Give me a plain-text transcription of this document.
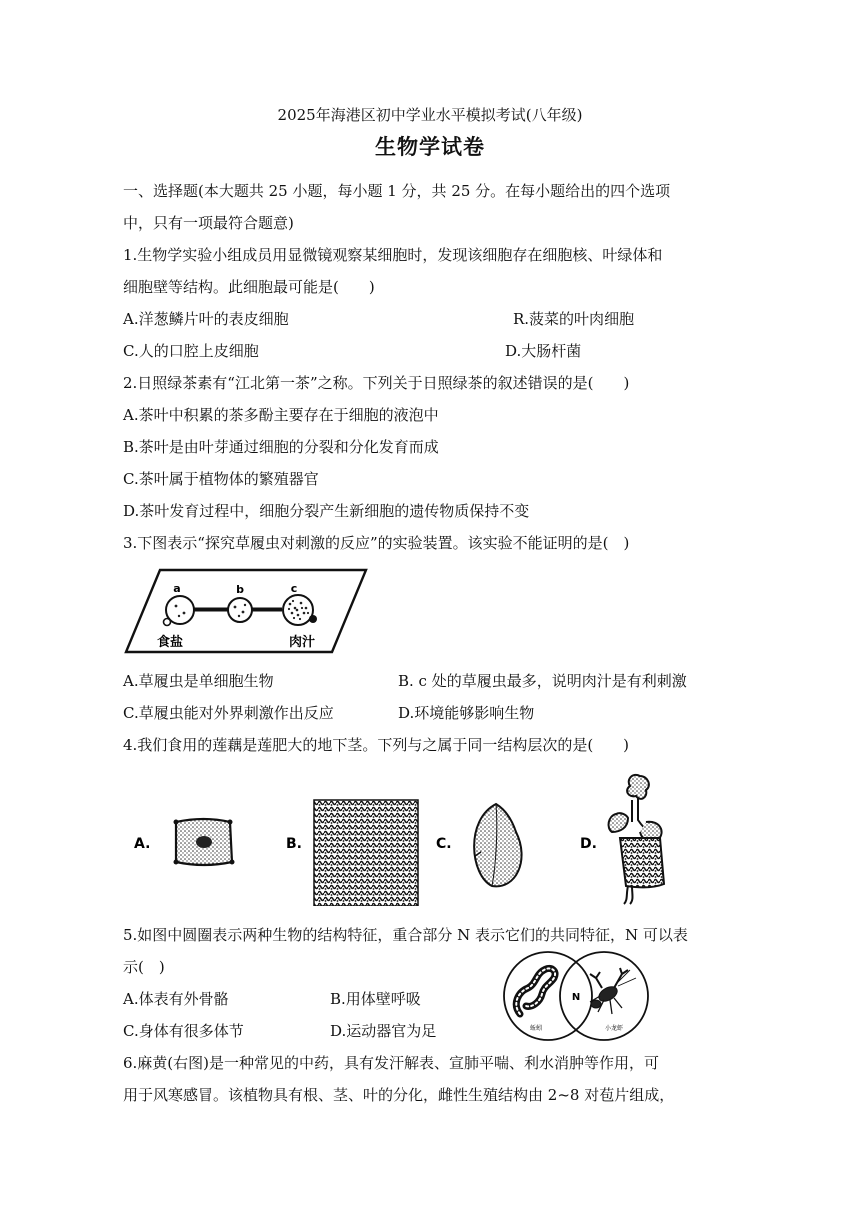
2025年海港区初中学业水平模拟考试(八年级)
生物学试卷
一、选择题(本大题共 25 小题，每小题 1 分，共 25 分。在每小题给出的四个选项
中，只有一项最符合题意)
1.生物学实验小组成员用显微镜观察某细胞时，发现该细胞存在细胞核、叶绿体和
细胞壁等结构。此细胞最可能是(　　)
A.洋葱鳞片叶的表皮细胞	R.菠菜的叶肉细胞
C.人的口腔上皮细胞	D.大肠杆菌
2.日照绿茶素有“江北第一茶”之称。下列关于日照绿茶的叙述错误的是(　　)
A.茶叶中积累的茶多酚主要存在于细胞的液泡中
B.茶叶是由叶芽通过细胞的分裂和分化发育而成
C.茶叶属于植物体的繁殖器官
D.茶叶发育过程中，细胞分裂产生新细胞的遗传物质保持不变
3.下图表示“探究草履虫对刺激的反应”的实验装置。该实验不能证明的是(　)
a	b	c
食盐	肉汁
A.草履虫是单细胞生物	B. c 处的草履虫最多，说明肉汁是有利刺激
C.草履虫能对外界刺激作出反应	D.环境能够影响生物
4.我们食用的莲藕是莲肥大的地下茎。下列与之属于同一结构层次的是(　　)
A.	B.	C.	D.
5.如图中圆圈表示两种生物的结构特征，重合部分 N 表示它们的共同特征，N 可以表
示(　)
A.体表有外骨骼	B.用体壁呼吸
C.身体有很多体节	D.运动器官为足
N
蚯蚓	小龙虾
6.麻黄(右图)是一种常见的中药，具有发汗解表、宣肺平喘、利水消肿等作用，可
用于风寒感冒。该植物具有根、茎、叶的分化，雌性生殖结构由 2~8 对苞片组成，
